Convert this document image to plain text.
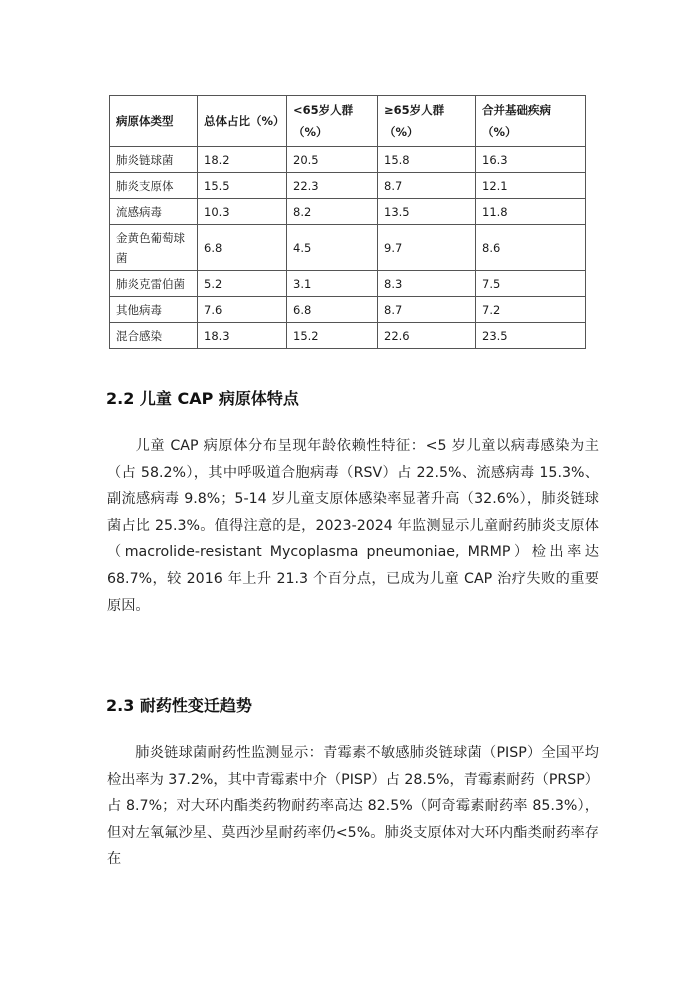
病原体类型	总体占比（%）	<65岁人群（%）	≥65岁人群（%）	合并基础疾病（%）
肺炎链球菌	18.2	20.5	15.8	16.3
肺炎支原体	15.5	22.3	8.7	12.1
流感病毒	10.3	8.2	13.5	11.8
金黄色葡萄球菌	6.8	4.5	9.7	8.6
肺炎克雷伯菌	5.2	3.1	8.3	7.5
其他病毒	7.6	6.8	8.7	7.2
混合感染	18.3	15.2	22.6	23.5
2.2 儿童 CAP 病原体特点

儿童 CAP 病原体分布呈现年龄依赖性特征：<5 岁儿童以病毒感染为主（占 58.2%），其中呼吸道合胞病毒（RSV）占 22.5%、流感病毒 15.3%、副流感病毒 9.8%；5-14 岁儿童支原体感染率显著升高（32.6%），肺炎链球菌占比 25.3%。值得注意的是，2023-2024 年监测显示儿童耐药肺炎支原体（macrolide-resistant Mycoplasma pneumoniae, MRMP）检出率达 68.7%，较 2016 年上升 21.3 个百分点，已成为儿童 CAP 治疗失败的重要原因。

2.3 耐药性变迁趋势

肺炎链球菌耐药性监测显示：青霉素不敏感肺炎链球菌（PISP）全国平均检出率为 37.2%，其中青霉素中介（PISP）占 28.5%，青霉素耐药（PRSP）占 8.7%；对大环内酯类药物耐药率高达 82.5%（阿奇霉素耐药率 85.3%），但对左氧氟沙星、莫西沙星耐药率仍<5%。肺炎支原体对大环内酯类耐药率存在
